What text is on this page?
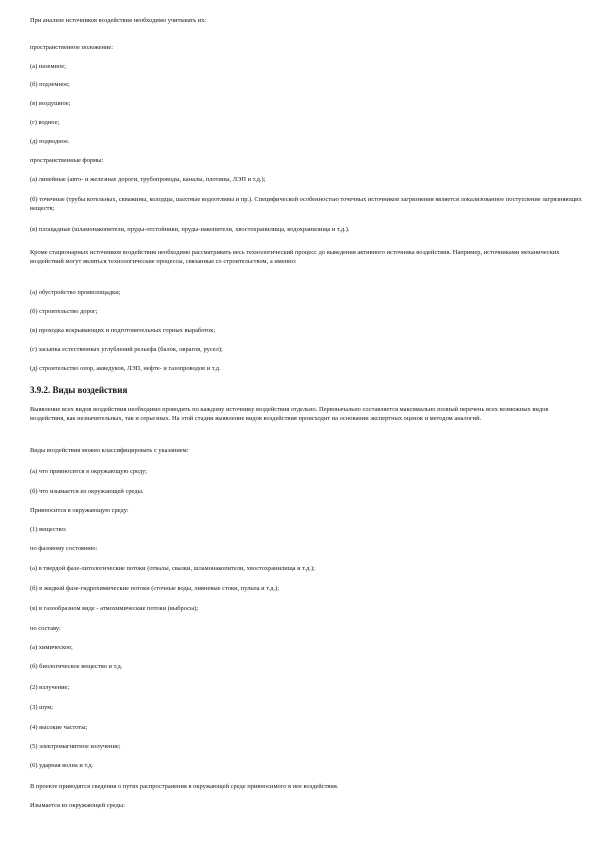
При анализе источников воздействия необходимо учитывать их:
пространственное положение:
(а) наземное;
(б) подземное;
(в) воздушное;
(г) водное;
(д) подводное.
пространственные формы:
(а) линейные (авто- и железные дороги, трубопроводы, каналы, плотины, ЛЭП и т.д.);
(б) точечные (трубы котельных, скважины, колодцы, шахтные водоотливы и пр.). Специфической особенностью точечных источников загрязнения является локализованное поступление загрязняющих веществ;
(в) площадные (шламонакопители, пруды-отстойники, пруды-накопители, хвостохранилища, водохранилища и т.д.).
Кроме стационарных источников воздействия необходимо рассматривать весь технологический процесс до выведения активного источника воздействия. Например, источниками механических воздействий могут являться технологические процессы, связанные со строительством, а именно:
(а) обустройство промплощадки;
(б) строительство дорог;
(в) проходка вскрывающих и подготовительных горных выработок;
(г) засыпка естественных углублений рельефа (балок, оврагов, русел);
(д) строительство опор, акведуков, ЛЭП, нефте- и газопроводов и т.д.
3.9.2. Виды воздействия
Выявление всех видов воздействия необходимо проводить по каждому источнику воздействия отдельно. Первоначально составляется максимально полный перечень всех возможных видов воздействия, как незначительных, так и серьезных. На этой стадии выявление видов воздействия происходит на основании экспертных оценок и методом аналогий.
Виды воздействия можно классифицировать с указанием:
(а) что привносится в окружающую среду;
(б) что изымается из окружающей среды.
Привносится в окружающую среду:
(1) вещество:
по фазовому состоянию:
(а) в твердой фазе-литологические потоки (отвалы, свалки, шламонакопители, хвостохранилища и т.д.);
(б) в жидкой фазе-гидрохимические потоки (сточные воды, ливневые стоки, пульпа и т.д.);
(в) в газообразном виде - атмохимические потоки (выбросы);
по составу:
(а) химическое;
(б) биологическое вещество и т.д.
(2) излучение;
(3) шум;
(4) высокие частоты;
(5) электромагнитное излучение;
(6) ударная волна и т.д.
В проекте приводятся сведения о путях распространения в окружающей среде привносимого в нее воздействия.
Изымается из окружающей среды:
